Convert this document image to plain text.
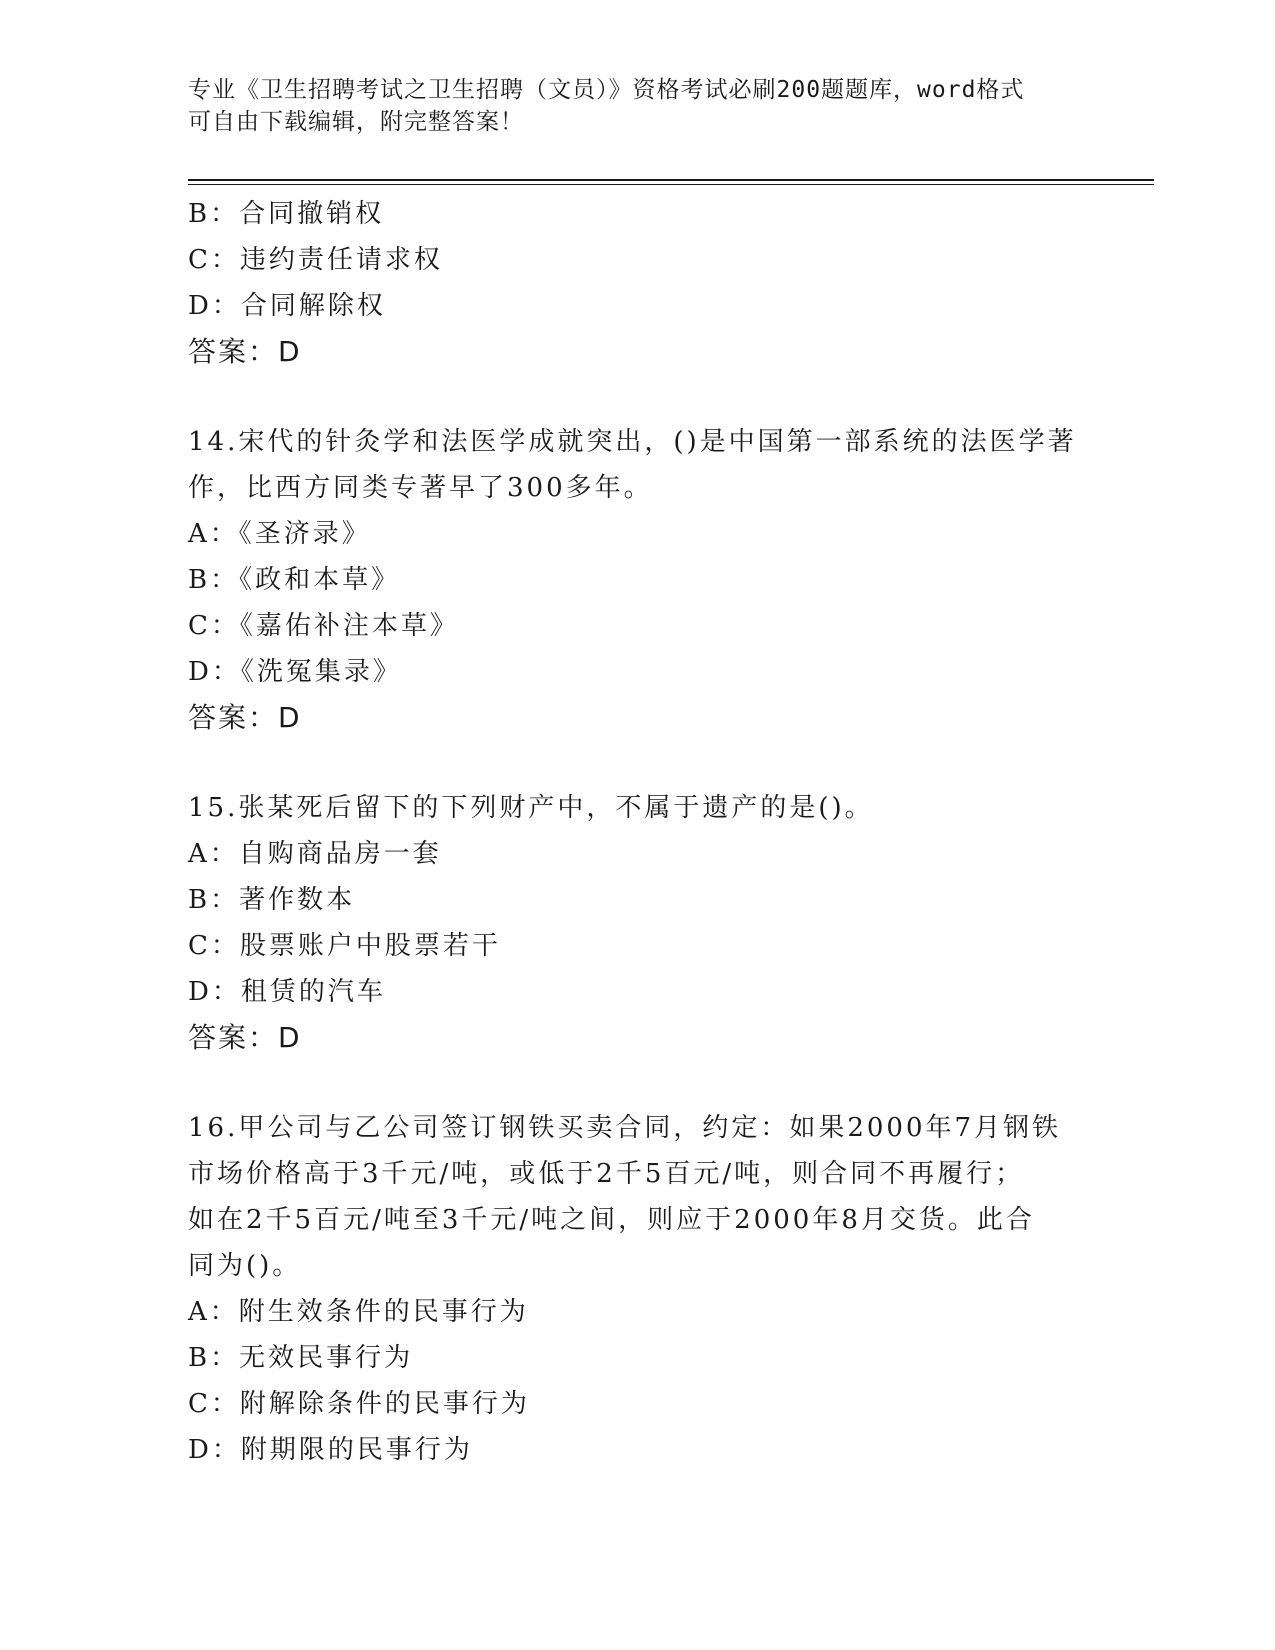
专业《卫生招聘考试之卫生招聘（文员）》资格考试必刷200题题库，word格式
可自由下载编辑，附完整答案！
B：合同撤销权
C：违约责任请求权
D：合同解除权
答案：D
14.宋代的针灸学和法医学成就突出，()是中国第一部系统的法医学著
作，比西方同类专著早了300多年。
A：《圣济录》
B：《政和本草》
C：《嘉佑补注本草》
D：《洗冤集录》
答案：D
15.张某死后留下的下列财产中，不属于遗产的是()。
A：自购商品房一套
B：著作数本
C：股票账户中股票若干
D：租赁的汽车
答案：D
16.甲公司与乙公司签订钢铁买卖合同，约定：如果2000年7月钢铁
市场价格高于3千元/吨，或低于2千5百元/吨，则合同不再履行；
如在2千5百元/吨至3千元/吨之间，则应于2000年8月交货。此合
同为()。
A：附生效条件的民事行为
B：无效民事行为
C：附解除条件的民事行为
D：附期限的民事行为
